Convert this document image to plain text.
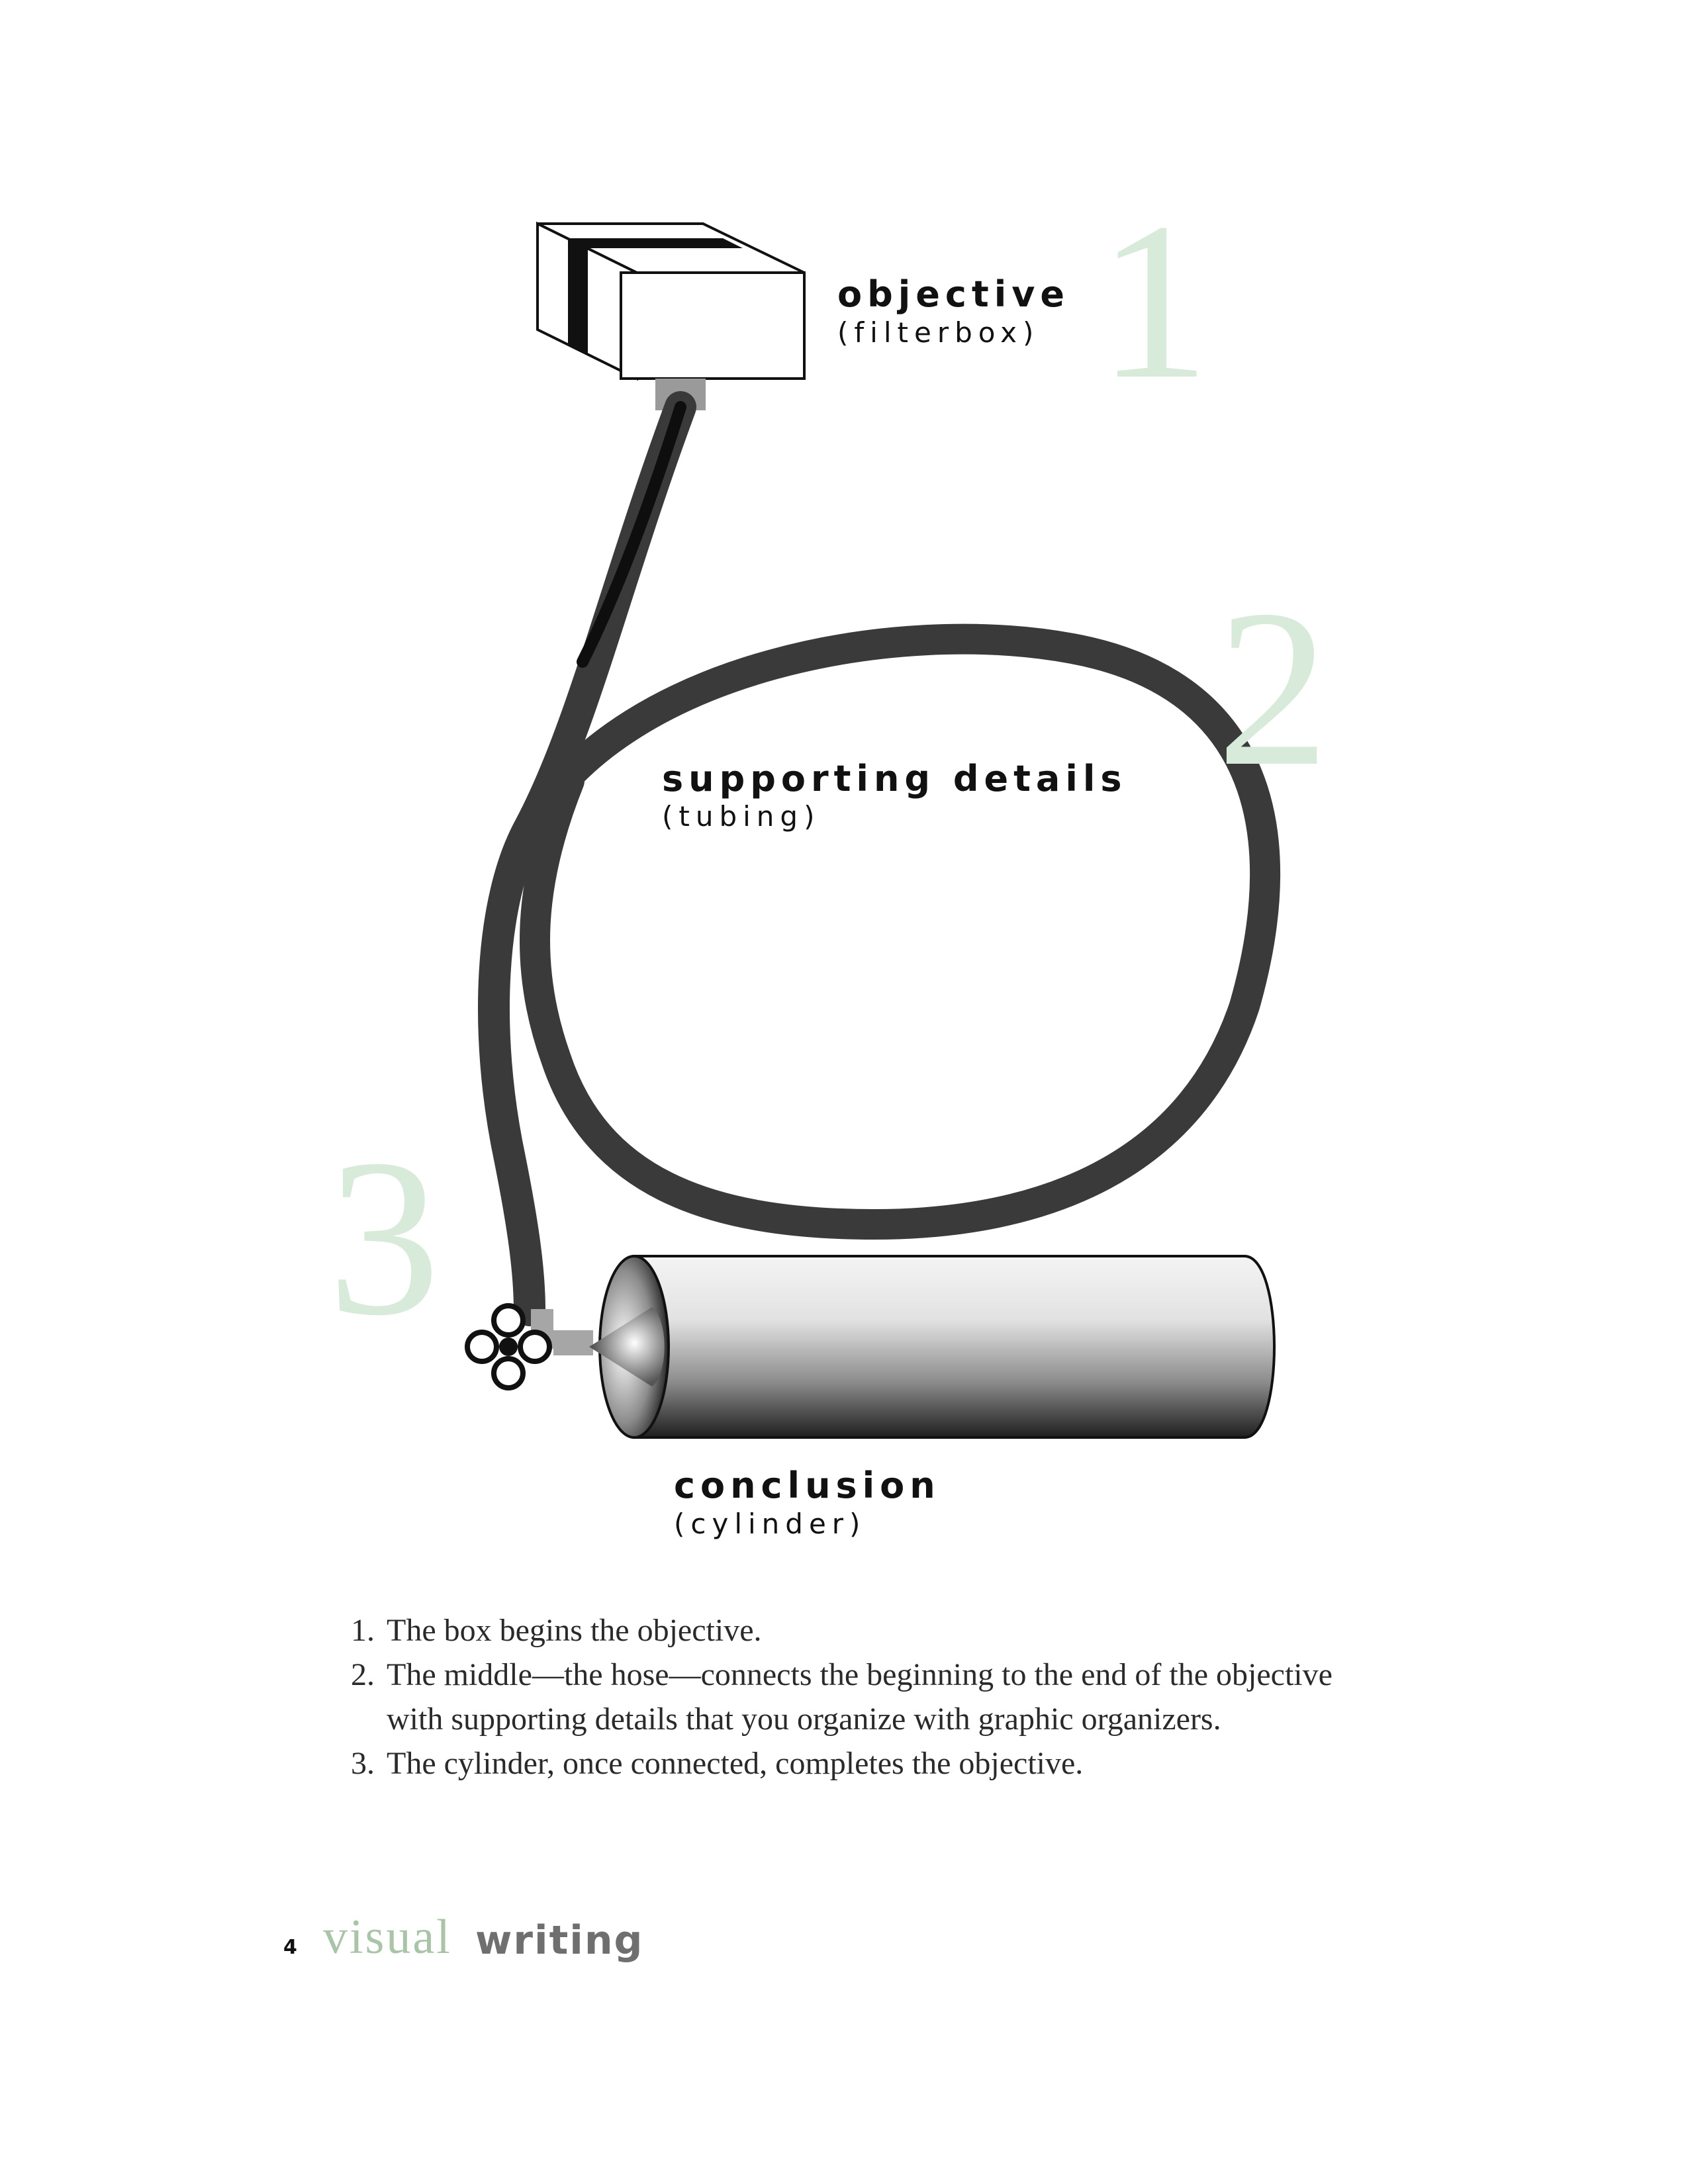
1
2
3
objective
(filterbox)
supporting details
(tubing)
conclusion
(cylinder)
1. The box begins the objective.
2. The middle—the hose—connects the beginning to the end of the objective with supporting details that you organize with graphic organizers.
3. The cylinder, once connected, completes the objective.
4 visual writing
